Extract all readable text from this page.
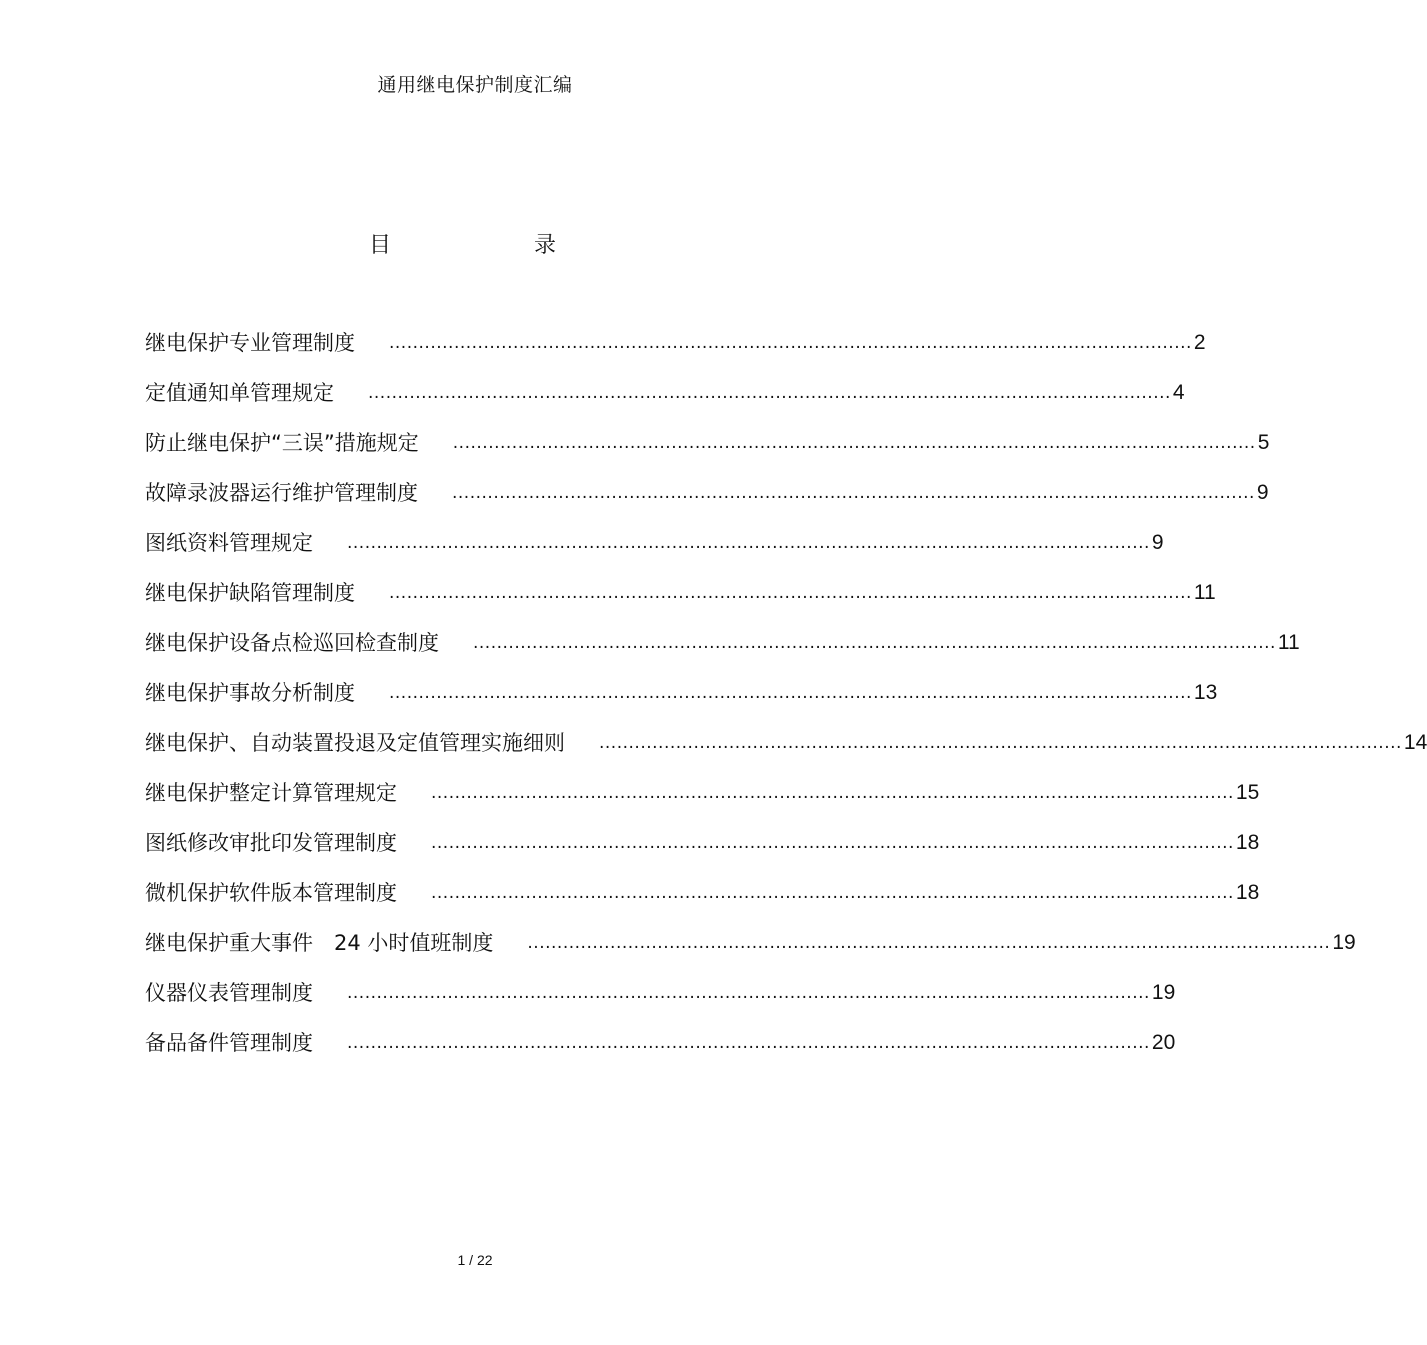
通用继电保护制度汇编
目	录
继电保护专业管理制度 ........................................................................................................................................ 2
定值通知单管理规定 ........................................................................................................................................ 4
防止继电保护“三误”措施规定 ........................................................................................................................................ 5
故障录波器运行维护管理制度 ........................................................................................................................................ 9
图纸资料管理规定 ........................................................................................................................................ 9
继电保护缺陷管理制度 ........................................................................................................................................ 11
继电保护设备点检巡回检查制度 ........................................................................................................................................ 11
继电保护事故分析制度 ........................................................................................................................................ 13
继电保护、自动装置投退及定值管理实施细则 ........................................................................................................................................ 14
继电保护整定计算管理规定 ........................................................................................................................................ 15
图纸修改审批印发管理制度 ........................................................................................................................................ 18
微机保护软件版本管理制度 ........................................................................................................................................ 18
继电保护重大事件　24 小时值班制度 ........................................................................................................................................ 19
仪器仪表管理制度 ........................................................................................................................................ 19
备品备件管理制度 ........................................................................................................................................ 20
1 / 22
